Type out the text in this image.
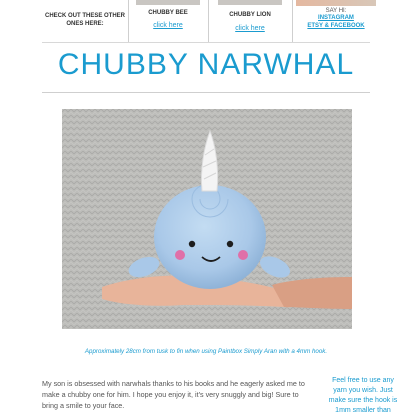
CHECK OUT THESE OTHER ONES HERE:
CHUBBY BEE
click here
CHUBBY LION
click here
SAY HI:
INSTAGRAM
ETSY & FACEBOOK
CHUBBY NARWHAL
Approximately 28cm from tusk to fin when using Paintbox Simply Aran with a 4mm hook.
My son is obsessed with narwhals thanks to his books and he eagerly asked me to make a chubby one for him. I hope you enjoy it, it's very snuggly and big! Sure to bring a smile to your face.
Feel free to use any yarn you wish. Just make sure the hook is 1mm smaller than
